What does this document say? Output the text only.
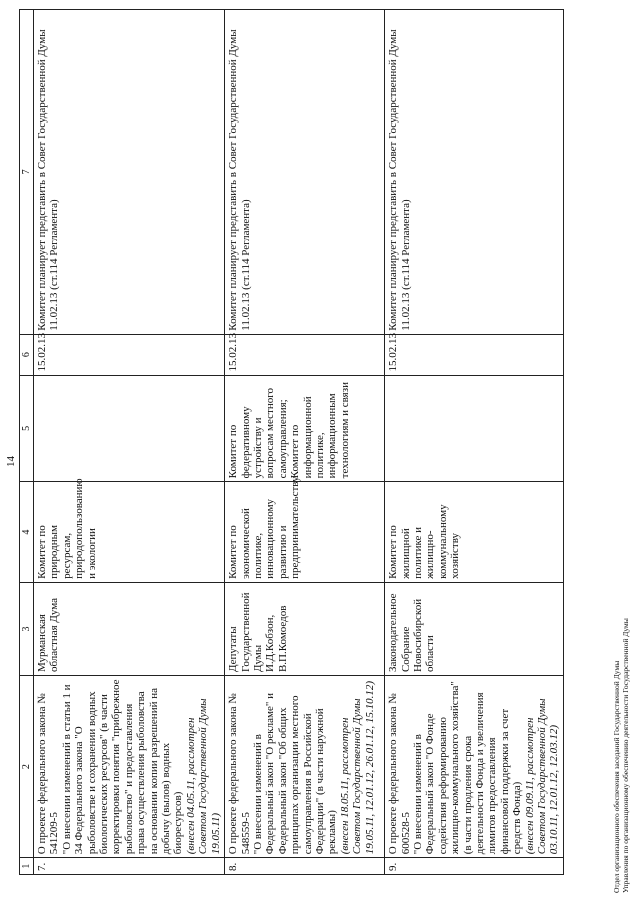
14
1	2	3	4	5	6	7
7.	О проекте федерального закона № 541209-5 "О внесении изменений в статьи 1 и 34 Федерального закона "О рыболовстве и сохранении водных биологических ресурсов" (в части корректировки понятия "прибрежное рыболовство" и предоставления права осуществления рыболовства на основании копии разрешений на добычу (вылов) водных биоресурсов) (внесен 04.05.11, рассмотрен Советом Государственной Думы 19.05.11)	Мурманская областная Дума	Комитет по природным ресурсам, природопользованию и экологии		15.02.13	Комитет планирует представить в Совет Государственной Думы 11.02.13 (ст.114 Регламента)
8.	О проекте федерального закона № 548559-5 "О внесении изменений в Федеральный закон "О рекламе" и Федеральный закон "Об общих принципах организации местного самоуправления в Российской Федерации" (в части наружной рекламы) (внесен 18.05.11, рассмотрен Советом Государственной Думы 19.05.11, 12.01.12, 26.01.12, 15.10.12)	Депутаты Государственной Думы И.Д.Кобзон, В.П.Комоедов	Комитет по экономической политике, инновационному развитию и предпринимательству	Комитет по федеративному устройству и вопросам местного самоуправления; Комитет по информационной политике, информационным технологиям и связи	15.02.13	Комитет планирует представить в Совет Государственной Думы 11.02.13 (ст.114 Регламента)
9.	О проекте федерального закона № 600528-5 "О внесении изменений в Федеральный закон "О Фонде содействия реформированию жилищно-коммунального хозяйства" (в части продления срока деятельности Фонда и увеличения лимитов предоставления финансовой поддержки за счет средств Фонда) (внесен 09.09.11, рассмотрен Советом Государственной Думы 03.10.11, 12.01.12, 12.03.12)	Законодательное Собрание Новосибирской области	Комитет по жилищной политике и жилищно-коммунальному хозяйству		15.02.13	Комитет планирует представить в Совет Государственной Думы 11.02.13 (ст.114 Регламента)
Отдел организационного обеспечения заседаний Государственной Думы Управления по организационному обеспечению деятельности Государственной Думы
